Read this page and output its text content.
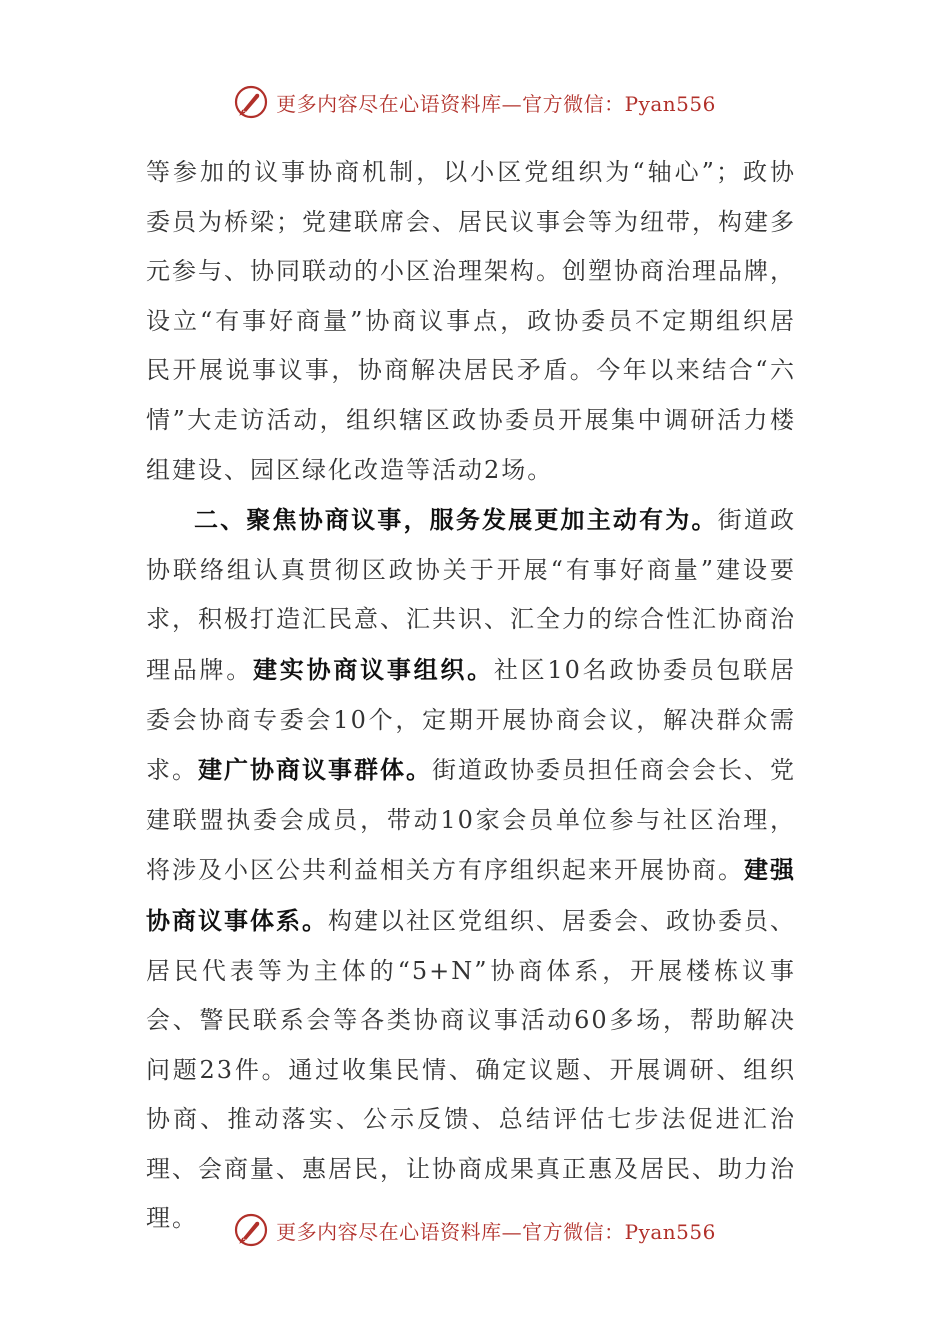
更多内容尽在心语资料库—官方微信：Pyan556

等参加的议事协商机制，以小区党组织为“轴心”；政协委员为桥梁；党建联席会、居民议事会等为纽带，构建多元参与、协同联动的小区治理架构。创塑协商治理品牌，设立“有事好商量”协商议事点，政协委员不定期组织居民开展说事议事，协商解决居民矛盾。今年以来结合“六情”大走访活动，组织辖区政协委员开展集中调研活力楼组建设、园区绿化改造等活动2场。

二、聚焦协商议事，服务发展更加主动有为。街道政协联络组认真贯彻区政协关于开展“有事好商量”建设要求，积极打造汇民意、汇共识、汇全力的综合性汇协商治理品牌。建实协商议事组织。社区10名政协委员包联居委会协商专委会10个，定期开展协商会议，解决群众需求。建广协商议事群体。街道政协委员担任商会会长、党建联盟执委会成员，带动10家会员单位参与社区治理，将涉及小区公共利益相关方有序组织起来开展协商。建强协商议事体系。构建以社区党组织、居委会、政协委员、居民代表等为主体的“5+N”协商体系，开展楼栋议事会、警民联系会等各类协商议事活动60多场，帮助解决问题23件。通过收集民情、确定议题、开展调研、组织协商、推动落实、公示反馈、总结评估七步法促进汇治理、会商量、惠居民，让协商成果真正惠及居民、助力治理。	更多内容尽在心语资料库—官方微信：Pyan556
